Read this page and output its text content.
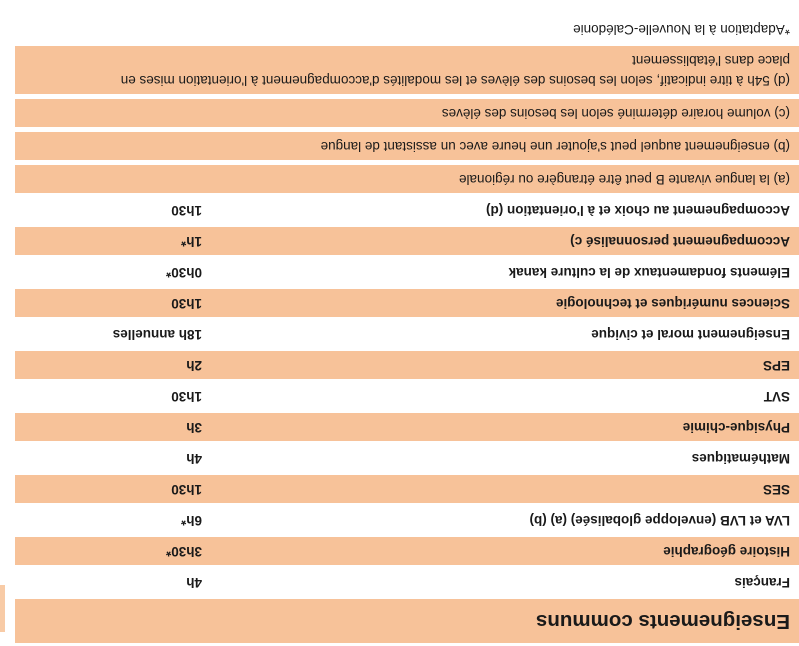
Enseignements communs
Français
4h
Histoire géographie
3h30*
LVA et LVB (enveloppe globalisée) (a) (b)
6h*
SES
1h30
Mathématiques
4h
Physique-chimie
3h
SVT
1h30
EPS
2h
Enseignement moral et civique
18h annuelles
Sciences numériques et technologie
1h30
Eléments fondamentaux de la culture kanak
0h30*
Accompagnement personnalisé c)
1h*
Accompagnement au choix et à l'orientation (d)
1h30
(a) la langue vivante B peut être étrangère ou régionale
(b) enseignement auquel peut s'ajouter une heure avec un assistant de langue
(c) volume horaire déterminé selon les besoins des élèves
(d) 54h à titre indicatif, selon les besoins des élèves et les modalités d'accompagnement à l'orientation mises en place dans l'établissement
*Adaptation à la Nouvelle-Calédonie
